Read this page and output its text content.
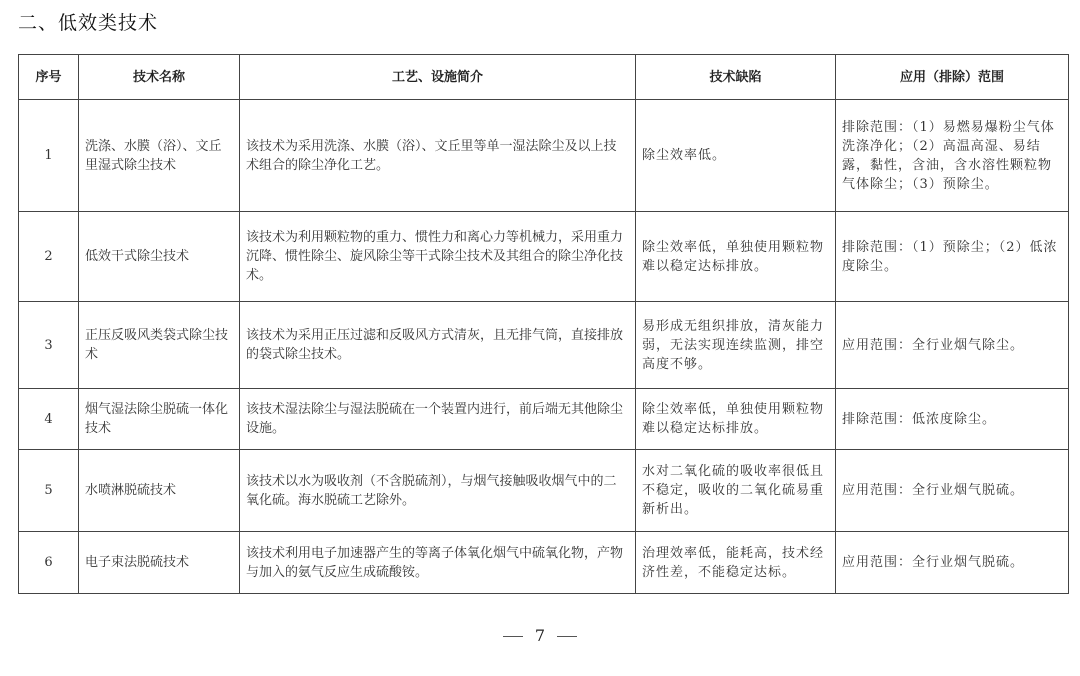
二、低效类技术
序号	技术名称	工艺、设施简介	技术缺陷	应用（排除）范围
1	洗涤、水膜（浴）、文丘里湿式除尘技术	该技术为采用洗涤、水膜（浴）、文丘里等单一湿法除尘及以上技术组合的除尘净化工艺。	除尘效率低。	排除范围：（1）易燃易爆粉尘气体洗涤净化；（2）高温高湿、易结露，黏性，含油，含水溶性颗粒物气体除尘；（3）预除尘。
2	低效干式除尘技术	该技术为利用颗粒物的重力、惯性力和离心力等机械力，采用重力沉降、惯性除尘、旋风除尘等干式除尘技术及其组合的除尘净化技术。	除尘效率低，单独使用颗粒物难以稳定达标排放。	排除范围：（1）预除尘；（2）低浓度除尘。
3	正压反吸风类袋式除尘技术	该技术为采用正压过滤和反吸风方式清灰，且无排气筒，直接排放的袋式除尘技术。	易形成无组织排放，清灰能力弱，无法实现连续监测，排空高度不够。	应用范围：全行业烟气除尘。
4	烟气湿法除尘脱硫一体化技术	该技术湿法除尘与湿法脱硫在一个装置内进行，前后端无其他除尘设施。	除尘效率低，单独使用颗粒物难以稳定达标排放。	排除范围：低浓度除尘。
5	水喷淋脱硫技术	该技术以水为吸收剂（不含脱硫剂），与烟气接触吸收烟气中的二氧化硫。海水脱硫工艺除外。	水对二氧化硫的吸收率很低且不稳定，吸收的二氧化硫易重新析出。	应用范围：全行业烟气脱硫。
6	电子束法脱硫技术	该技术利用电子加速器产生的等离子体氧化烟气中硫氧化物，产物与加入的氨气反应生成硫酸铵。	治理效率低，能耗高，技术经济性差，不能稳定达标。	应用范围：全行业烟气脱硫。
7
